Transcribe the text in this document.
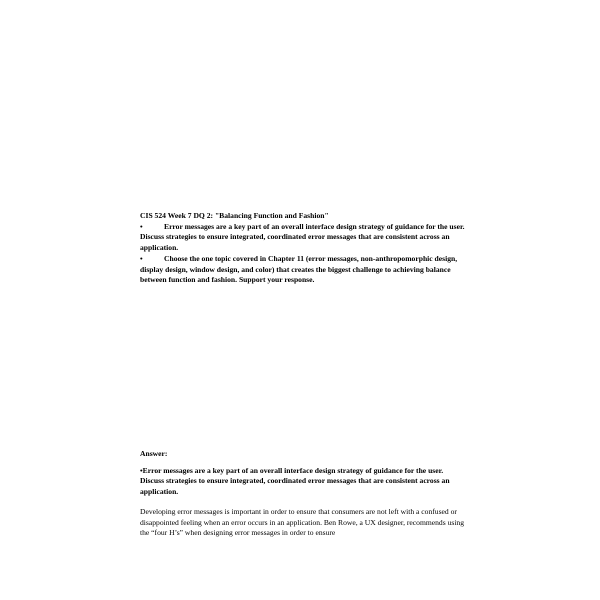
CIS 524 Week 7 DQ 2: "Balancing Function and Fashion"

•	Error messages are a key part of an overall interface design strategy of guidance for the user. Discuss strategies to ensure integrated, coordinated error messages that are consistent across an application.

•	Choose the one topic covered in Chapter 11 (error messages, non-anthropomorphic design, display design, window design, and color) that creates the biggest challenge to achieving balance between function and fashion. Support your response.

Answer:

•Error messages are a key part of an overall interface design strategy of guidance for the user. Discuss strategies to ensure integrated, coordinated error messages that are consistent across an application.

Developing error messages is important in order to ensure that consumers are not left with a confused or disappointed feeling when an error occurs in an application. Ben Rowe, a UX designer, recommends using the “four H’s” when designing error messages in order to ensure
